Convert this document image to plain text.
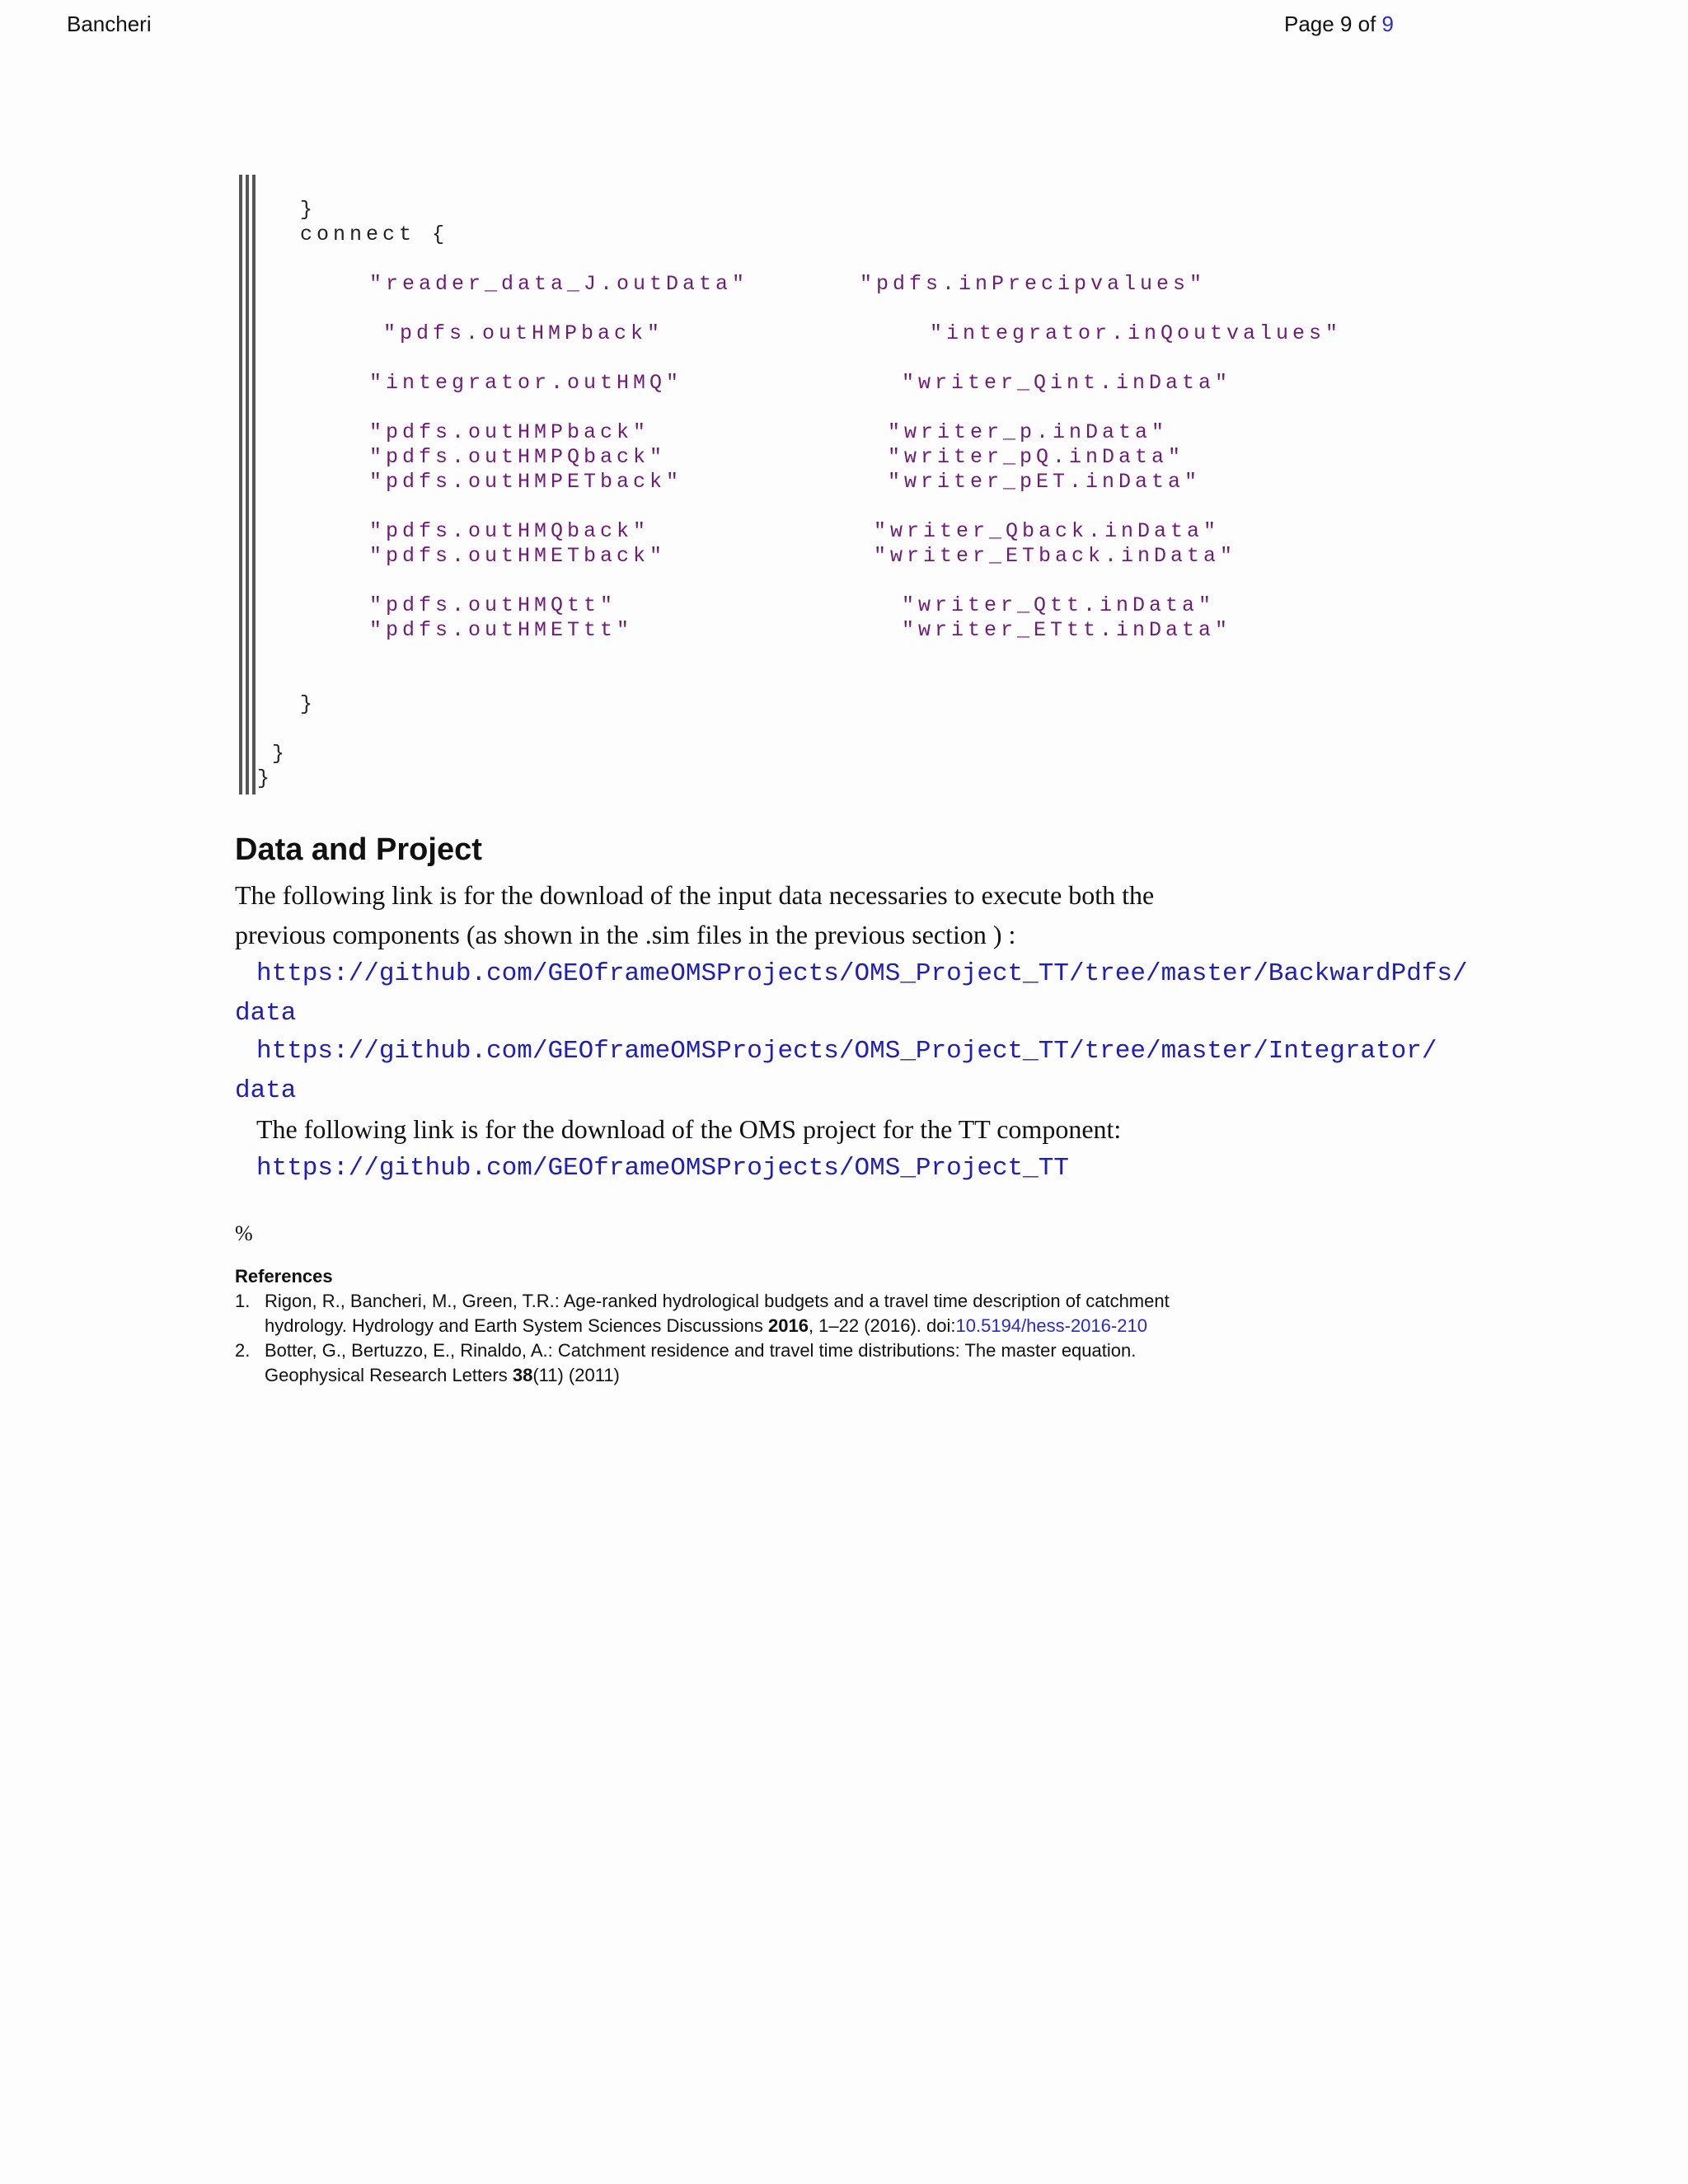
Bancheri	Page 9 of 9
}
connect {
"reader_data_J.outData"	"pdfs.inPrecipvalues"
"pdfs.outHMPback"	"integrator.inQoutvalues"
"integrator.outHMQ"	"writer_Qint.inData"
"pdfs.outHMPback"	"writer_p.inData"
"pdfs.outHMPQback"	"writer_pQ.inData"
"pdfs.outHMPETback"	"writer_pET.inData"
"pdfs.outHMQback"	"writer_Qback.inData"
"pdfs.outHMETback"	"writer_ETback.inData"
"pdfs.outHMQtt"	"writer_Qtt.inData"
"pdfs.outHMETtt"	"writer_ETtt.inData"
}
}
}
Data and Project
The following link is for the download of the input data necessaries to execute both the
previous components (as shown in the .sim files in the previous section ) :
https://github.com/GEOframeOMSProjects/OMS_Project_TT/tree/master/BackwardPdfs/
data
https://github.com/GEOframeOMSProjects/OMS_Project_TT/tree/master/Integrator/
data
The following link is for the download of the OMS project for the TT component:
https://github.com/GEOframeOMSProjects/OMS_Project_TT
%
References
1. Rigon, R., Bancheri, M., Green, T.R.: Age-ranked hydrological budgets and a travel time description of catchment
hydrology. Hydrology and Earth System Sciences Discussions 2016, 1–22 (2016). doi:10.5194/hess-2016-210
2. Botter, G., Bertuzzo, E., Rinaldo, A.: Catchment residence and travel time distributions: The master equation.
Geophysical Research Letters 38(11) (2011)
